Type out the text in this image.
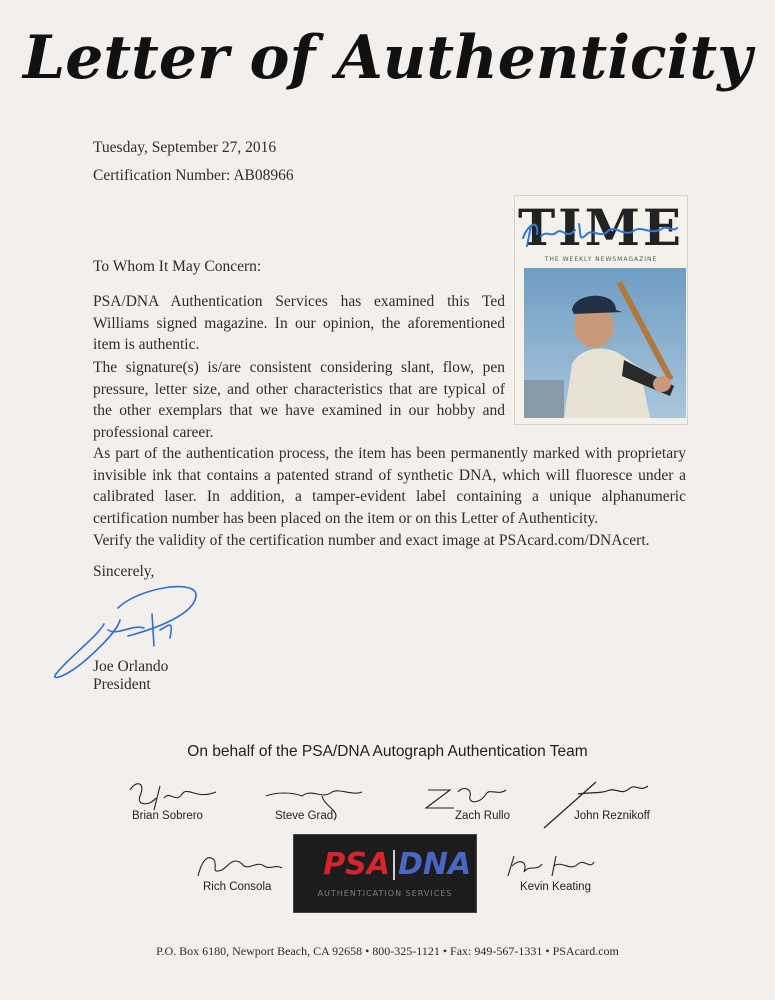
Letter of Authenticity
Tuesday, September 27, 2016
Certification Number: AB08966
To Whom It May Concern:
PSA/DNA Authentication Services has examined this Ted Williams signed magazine. In our opinion, the aforementioned item is authentic.
The signature(s) is/are consistent considering slant, flow, pen pressure, letter size, and other characteristics that are typical of the other exemplars that we have examined in our hobby and professional career.
As part of the authentication process, the item has been permanently marked with proprietary invisible ink that contains a patented strand of synthetic DNA, which will fluoresce under a calibrated laser. In addition, a tamper-evident label containing a unique alphanumeric certification number has been placed on the item or on this Letter of Authenticity.
Verify the validity of the certification number and exact image at PSAcard.com/DNAcert.
Sincerely,
Joe Orlando
President
TIME
THE WEEKLY NEWSMAGAZINE
On behalf of the PSA/DNA Autograph Authentication Team
Brian Sobrero	Steve Grad	Zach Rullo	John Reznikoff
Rich Consola	Kevin Keating
PSA DNA
AUTHENTICATION SERVICES
P.O. Box 6180, Newport Beach, CA 92658 • 800-325-1121 • Fax: 949-567-1331 • PSAcard.com
